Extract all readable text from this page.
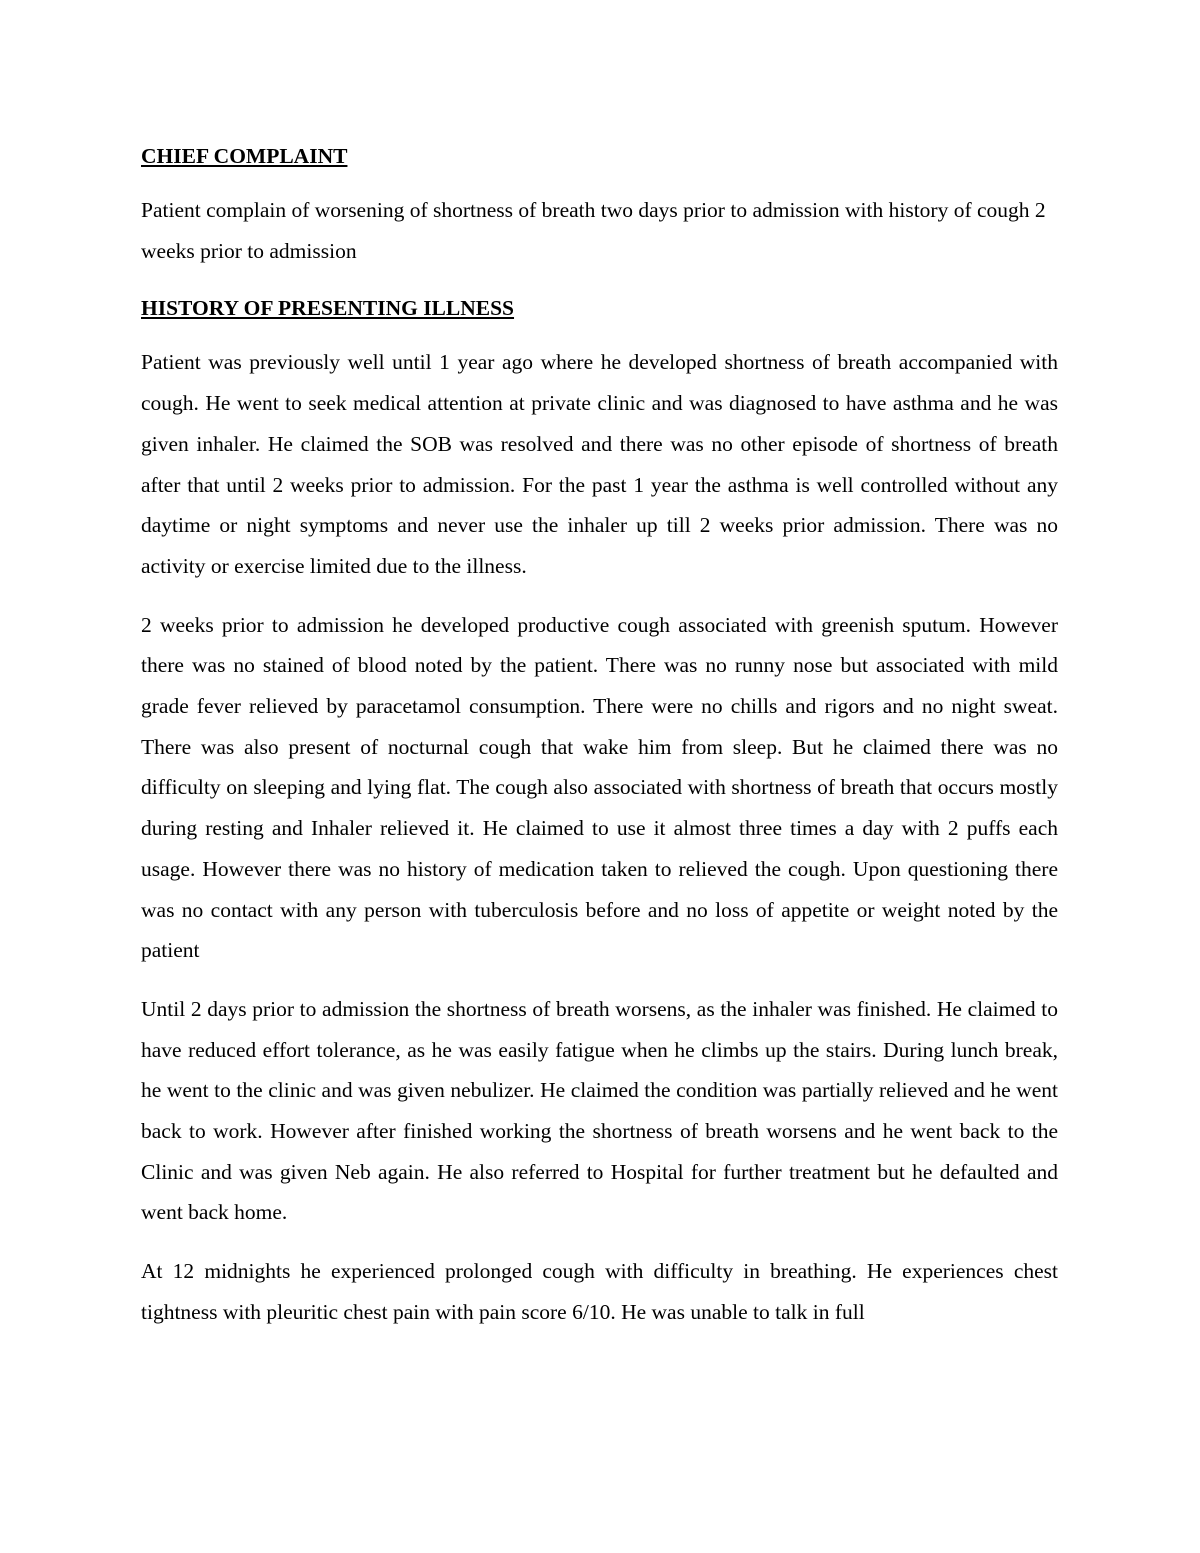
CHIEF COMPLAINT

Patient complain of worsening of shortness of breath two days prior to admission with history of cough 2 weeks prior to admission

HISTORY OF PRESENTING ILLNESS

Patient was previously well until 1 year ago where he developed shortness of breath accompanied with cough. He went to seek medical attention at private clinic and was diagnosed to have asthma and he was given inhaler. He claimed the SOB was resolved and there was no other episode of shortness of breath after that until 2 weeks prior to admission. For the past 1 year the asthma is well controlled without any daytime or night symptoms and never use the inhaler up till 2 weeks prior admission. There was no activity or exercise limited due to the illness.

2 weeks prior to admission he developed productive cough associated with greenish sputum. However there was no stained of blood noted by the patient. There was no runny nose but associated with mild grade fever relieved by paracetamol consumption. There were no chills and rigors and no night sweat. There was also present of nocturnal cough that wake him from sleep. But he claimed there was no difficulty on sleeping and lying flat. The cough also associated with shortness of breath that occurs mostly during resting and Inhaler relieved it. He claimed to use it almost three times a day with 2 puffs each usage. However there was no history of medication taken to relieved the cough. Upon questioning there was no contact with any person with tuberculosis before and no loss of appetite or weight noted by the patient

Until 2 days prior to admission the shortness of breath worsens, as the inhaler was finished. He claimed to have reduced effort tolerance, as he was easily fatigue when he climbs up the stairs. During lunch break, he went to the clinic and was given nebulizer. He claimed the condition was partially relieved and he went back to work. However after finished working the shortness of breath worsens and he went back to the Clinic and was given Neb again. He also referred to Hospital for further treatment but he defaulted and went back home.

At 12 midnights he experienced prolonged cough with difficulty in breathing. He experiences chest tightness with pleuritic chest pain with pain score 6/10. He was unable to talk in full
